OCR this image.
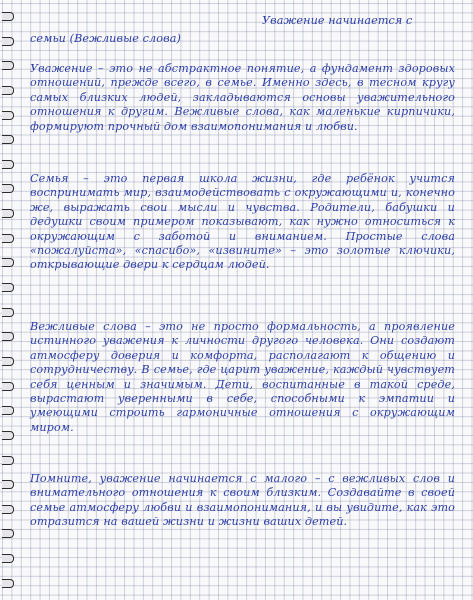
Уважение начинается с
семьи (Вежливые слова)
Уважение – это не абстрактное понятие, а фундамент здоровых отношений, прежде всего, в семье. Именно здесь, в тесном кругу самых близких людей, закладываются основы уважительного отношения к другим. Вежливые слова, как маленькие кирпичики, формируют прочный дом взаимопонимания и любви.
Семья – это первая школа жизни, где ребёнок учится воспринимать мир, взаимодействовать с окружающими и, конечно же, выражать свои мысли и чувства. Родители, бабушки и дедушки своим примером показывают, как нужно относиться к окружающим с заботой и вниманием. Простые слова «пожалуйста», «спасибо», «извините» – это золотые ключики, открывающие двери к сердцам людей.
Вежливые слова – это не просто формальность, а проявление истинного уважения к личности другого человека. Они создают атмосферу доверия и комфорта, располагают к общению и сотрудничеству. В семье, где царит уважение, каждый чувствует себя ценным и значимым. Дети, воспитанные в такой среде, вырастают уверенными в себе, способными к эмпатии и умеющими строить гармоничные отношения с окружающим миром.
Помните, уважение начинается с малого – с вежливых слов и внимательного отношения к своим близким. Создавайте в своей семье атмосферу любви и взаимопонимания, и вы увидите, как это отразится на вашей жизни и жизни ваших детей.
